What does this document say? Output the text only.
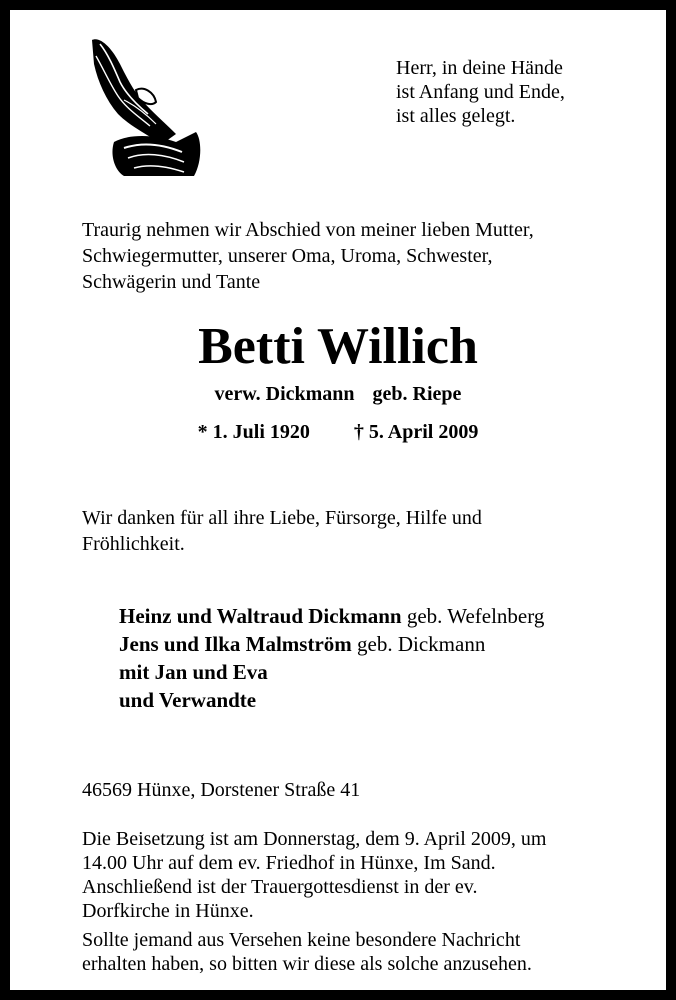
Herr, in deine Hände
ist Anfang und Ende,
ist alles gelegt.
Traurig nehmen wir Abschied von meiner lieben Mutter,
Schwiegermutter, unserer Oma, Uroma, Schwester,
Schwägerin und Tante
Betti Willich
verw. Dickmann geb. Riepe
* 1. Juli 1920 † 5. April 2009
Wir danken für all ihre Liebe, Fürsorge, Hilfe und
Fröhlichkeit.
Heinz und Waltraud Dickmann geb. Wefelnberg
Jens und Ilka Malmström geb. Dickmann
mit Jan und Eva
und Verwandte
46569 Hünxe, Dorstener Straße 41
Die Beisetzung ist am Donnerstag, dem 9. April 2009, um
14.00 Uhr auf dem ev. Friedhof in Hünxe, Im Sand.
Anschließend ist der Trauergottesdienst in der ev.
Dorfkirche in Hünxe.
Sollte jemand aus Versehen keine besondere Nachricht
erhalten haben, so bitten wir diese als solche anzusehen.
